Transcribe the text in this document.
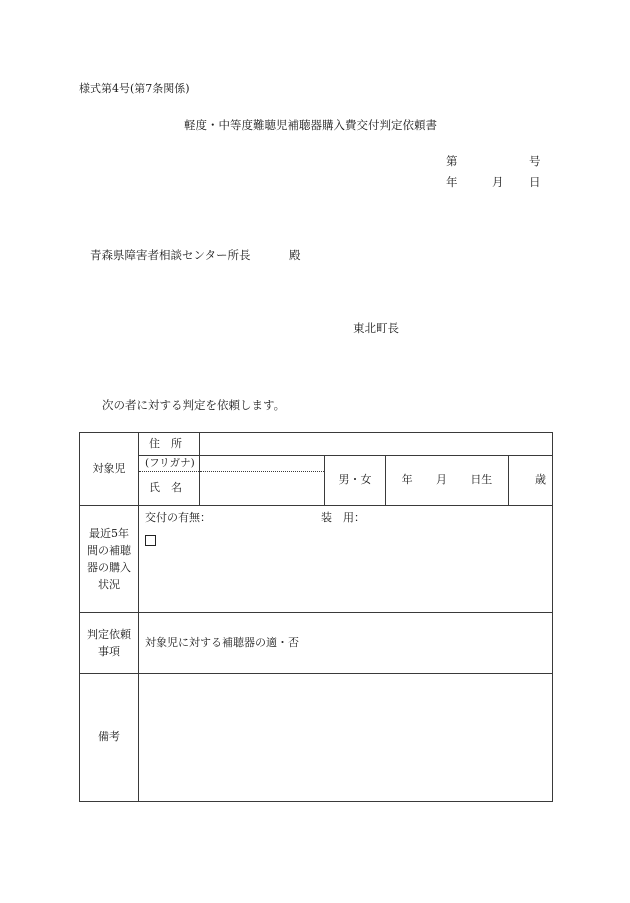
様式第4号(第7条関係)
軽度・中等度難聴児補聴器購入費交付判定依頼書
第	号
年	月 日
青森県障害者相談センター所長	殿
東北町長
次の者に対する判定を依頼します。
対象児	住　所				

	(フリガナ)		男・女	年 月 日生	歳
	氏　名				

最近5年間の補聴器の購入状況	交付の有無： 装　用：				

判定依頼事項	対象児に対する補聴器の適・否				
備考					
